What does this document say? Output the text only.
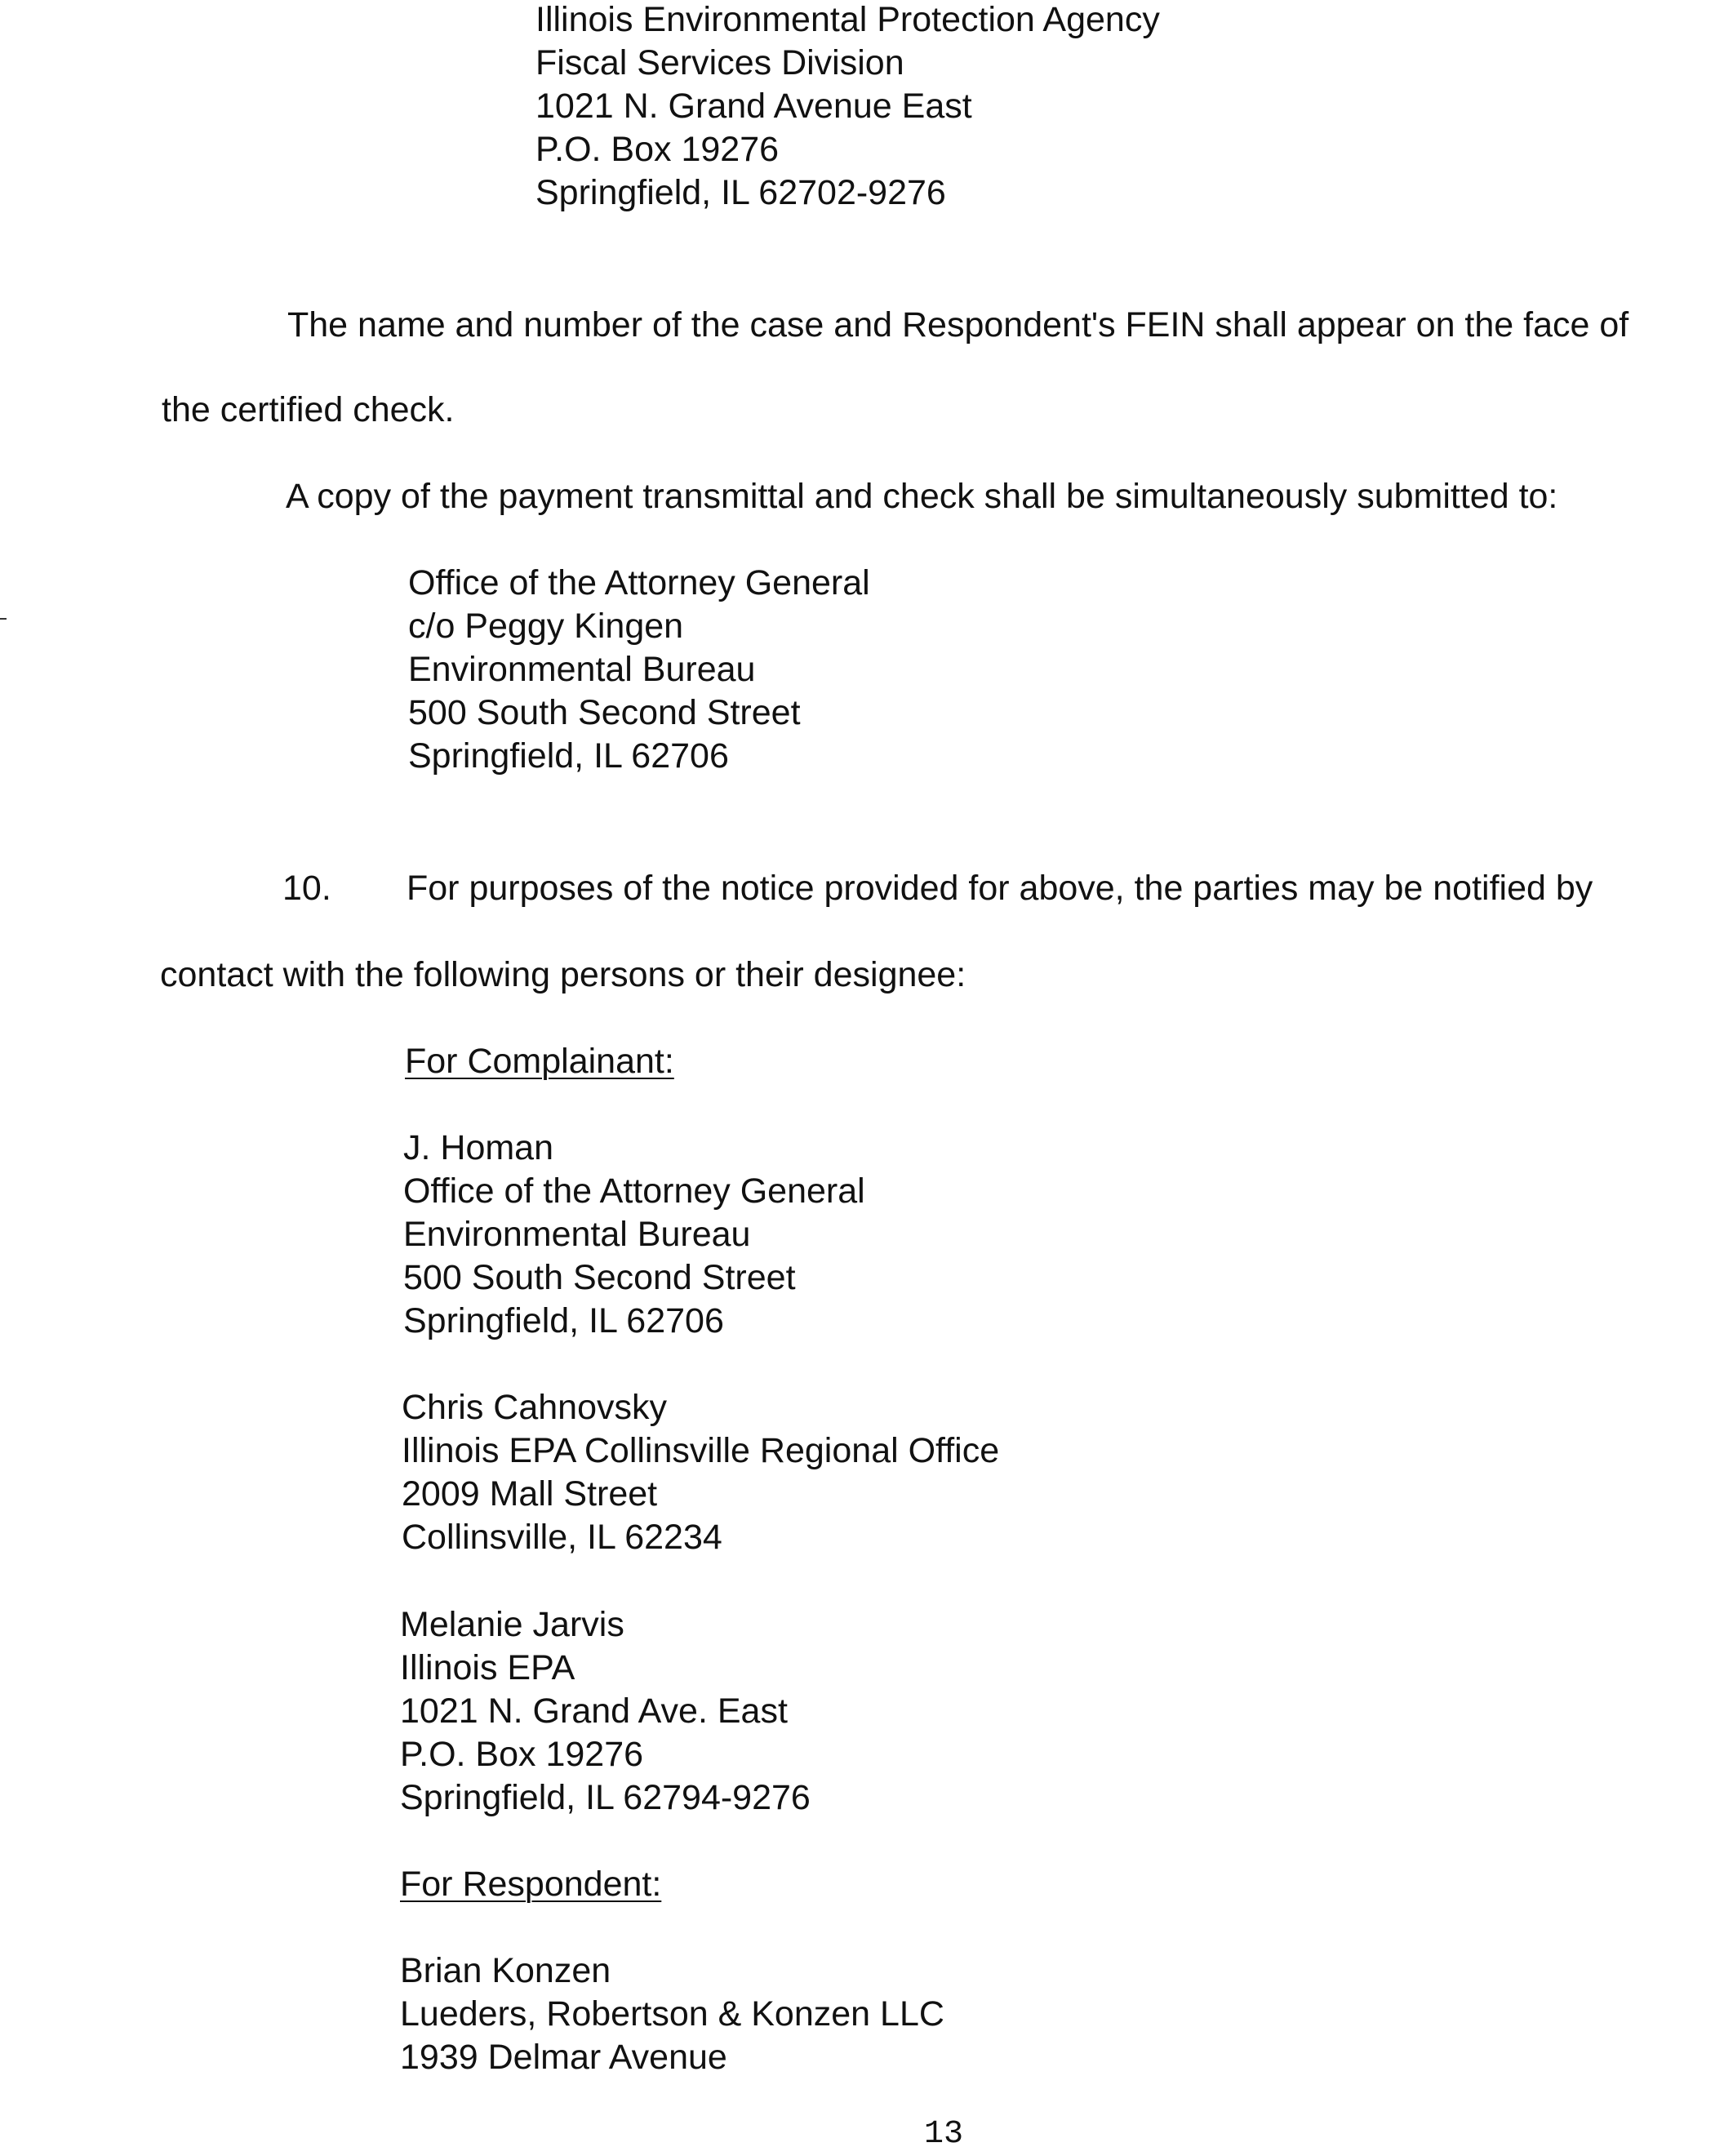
Illinois Environmental Protection Agency
Fiscal Services Division
1021 N. Grand Avenue East
P.O. Box 19276
Springfield, IL 62702-9276
The name and number of the case and Respondent's FEIN shall appear on the face of
the certified check.
A copy of the payment transmittal and check shall be simultaneously submitted to:
Office of the Attorney General
c/o Peggy Kingen
Environmental Bureau
500 South Second Street
Springfield, IL 62706
10. For purposes of the notice provided for above, the parties may be notified by
contact with the following persons or their designee:
For Complainant:
J. Homan
Office of the Attorney General
Environmental Bureau
500 South Second Street
Springfield, IL 62706
Chris Cahnovsky
Illinois EPA Collinsville Regional Office
2009 Mall Street
Collinsville, IL 62234
Melanie Jarvis
Illinois EPA
1021 N. Grand Ave. East
P.O. Box 19276
Springfield, IL 62794-9276
For Respondent:
Brian Konzen
Lueders, Robertson & Konzen LLC
1939 Delmar Avenue
13
